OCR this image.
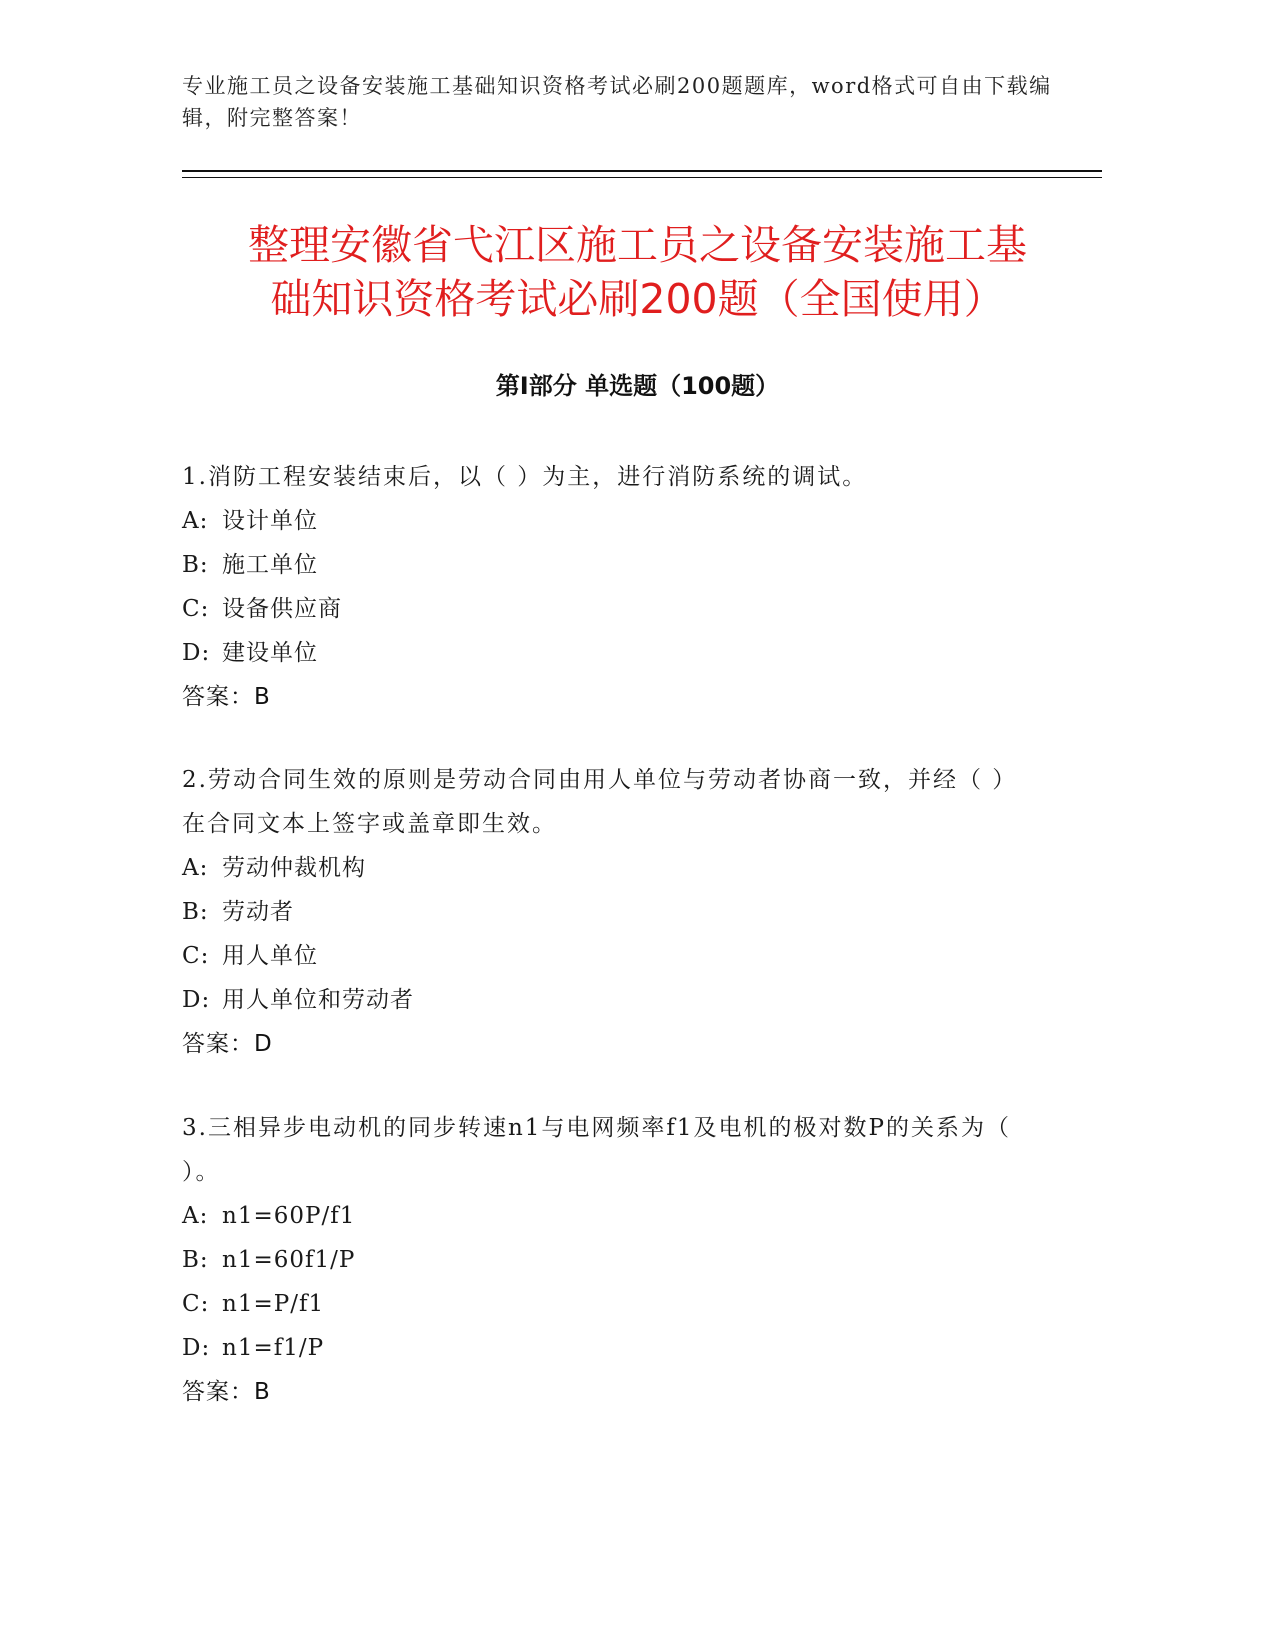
专业施工员之设备安装施工基础知识资格考试必刷200题题库，word格式可自由下载编辑，附完整答案！
整理安徽省弋江区施工员之设备安装施工基
础知识资格考试必刷200题（全国使用）
第I部分 单选题（100题）
1.消防工程安装结束后，以（ ）为主，进行消防系统的调试。
A: 设计单位
B: 施工单位
C: 设备供应商
D: 建设单位
答案：B
2.劳动合同生效的原则是劳动合同由用人单位与劳动者协商一致，并经（ ）在合同文本上签字或盖章即生效。
A: 劳动仲裁机构
B: 劳动者
C: 用人单位
D: 用人单位和劳动者
答案：D
3.三相异步电动机的同步转速n1与电网频率f1及电机的极对数P的关系为（ ）。
A: n1=60P/f1
B: n1=60f1/P
C: n1=P/f1
D: n1=f1/P
答案：B
